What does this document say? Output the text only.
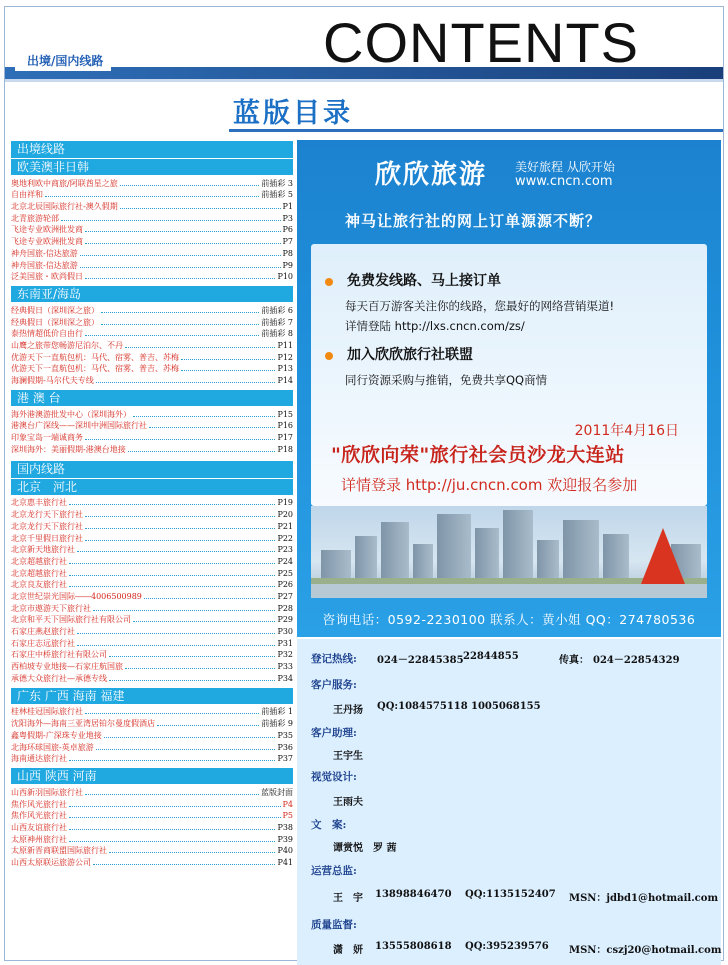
出境/国内线路	CONTENTS
蓝版目录
出境线路
欧美澳非日韩
奥地利欧中商旅/阿联酋星之旅	前插彩 3
自由祥和	前插彩 5
北京北辰国际旅行社-澳久假期	P1
北青旅游轮部	P3
飞途专业欧洲批发商	P6
飞途专业欧洲批发商	P7
神舟国旅-信达旅游	P8
神舟国旅-信达旅游	P9
泛美国旅・欧尚假日	P10
东南亚/海岛
经典假日（深圳深之旅）	前插彩 6
经典假日（深圳深之旅）	前插彩 7
泰热情超低价自由行	前插彩 8
山鹰之旅带您畅游尼泊尔、不丹	P11
优游天下一直航包机：马代、宿雾、普吉、苏梅	P12
优游天下一直航包机：马代、宿雾、普吉、苏梅	P13
海澜假期-马尔代夫专线	P14
港 澳 台
海外港澳游批发中心（深圳海外）	P15
港澳台广深线——深圳中洲国际旅行社	P16
印象宝岛一端诚商务	P17
深圳海外：美丽假期-港澳台地接	P18
国内线路
北京　河北
北京惠丰旅行社	P19
北京龙行天下旅行社	P20
北京龙行天下旅行社	P21
北京千里假日旅行社	P22
北京新天地旅行社	P23
北京超越旅行社	P24
北京超越旅行社	P25
北京良友旅行社	P26
北京世纪崇光国际――4006500989	P27
北京市遨游天下旅行社	P28
北京和平天下国际旅行社有限公司	P29
石家庄燕赵旅行社	P30
石家庄志远旅行社	P31
石家庄中桥旅行社有限公司	P32
西柏坡专业地接—石家庄航国旅	P33
承德大众旅行社—承德专线	P34
广东 广西 海南 福建
桂林桂冠国际旅行社	前插彩 1
沈阳海外—海南三亚湾居铂尔曼度假酒店	前插彩 9
鑫粤假期-广深珠专业地接	P35
北海环球国旅-英卓旅游	P36
海南通达旅行社	P37
山西 陕西 河南
山西新羽国际旅行社	蓝版封面
焦作风光旅行社	P4
焦作风光旅行社	P5
山西友谊旅行社	P38
太原神州旅行社	P39
太原新晋商联盟国际旅行社	P40
山西太原联运旅游公司	P41
欣欣旅游 美好旅程 从欣开始
www.cncn.com
神马让旅行社的网上订单源源不断？
免费发线路、马上接订单
每天百万游客关注你的线路，您最好的网络营销渠道!
详情登陆 http://lxs.cncn.com/zs/
加入欣欣旅行社联盟
同行资源采购与推销，免费共享QQ商情
2011年4月16日
"欣欣向荣"旅行社会员沙龙大连站
详情登录 http://ju.cncn.com 欢迎报名参加
咨询电话：0592-2230100 联系人：黄小姐 QQ：274780536
登记热线: 024－22845385 22844855	传真： 024－22854329
客户服务:
王丹扬 QQ:1084575118 1005068155
客户助理:
王宇生
视觉设计:
王雨夫
文　案:
谭赏悦　罗 茜
运营总监:
王　宇 13898846470 QQ:1135152407 MSN：jdbd1@hotmail.com
质量监督:
潇　妍 13555808618 QQ:395239576 MSN：cszj20@hotmail.com
